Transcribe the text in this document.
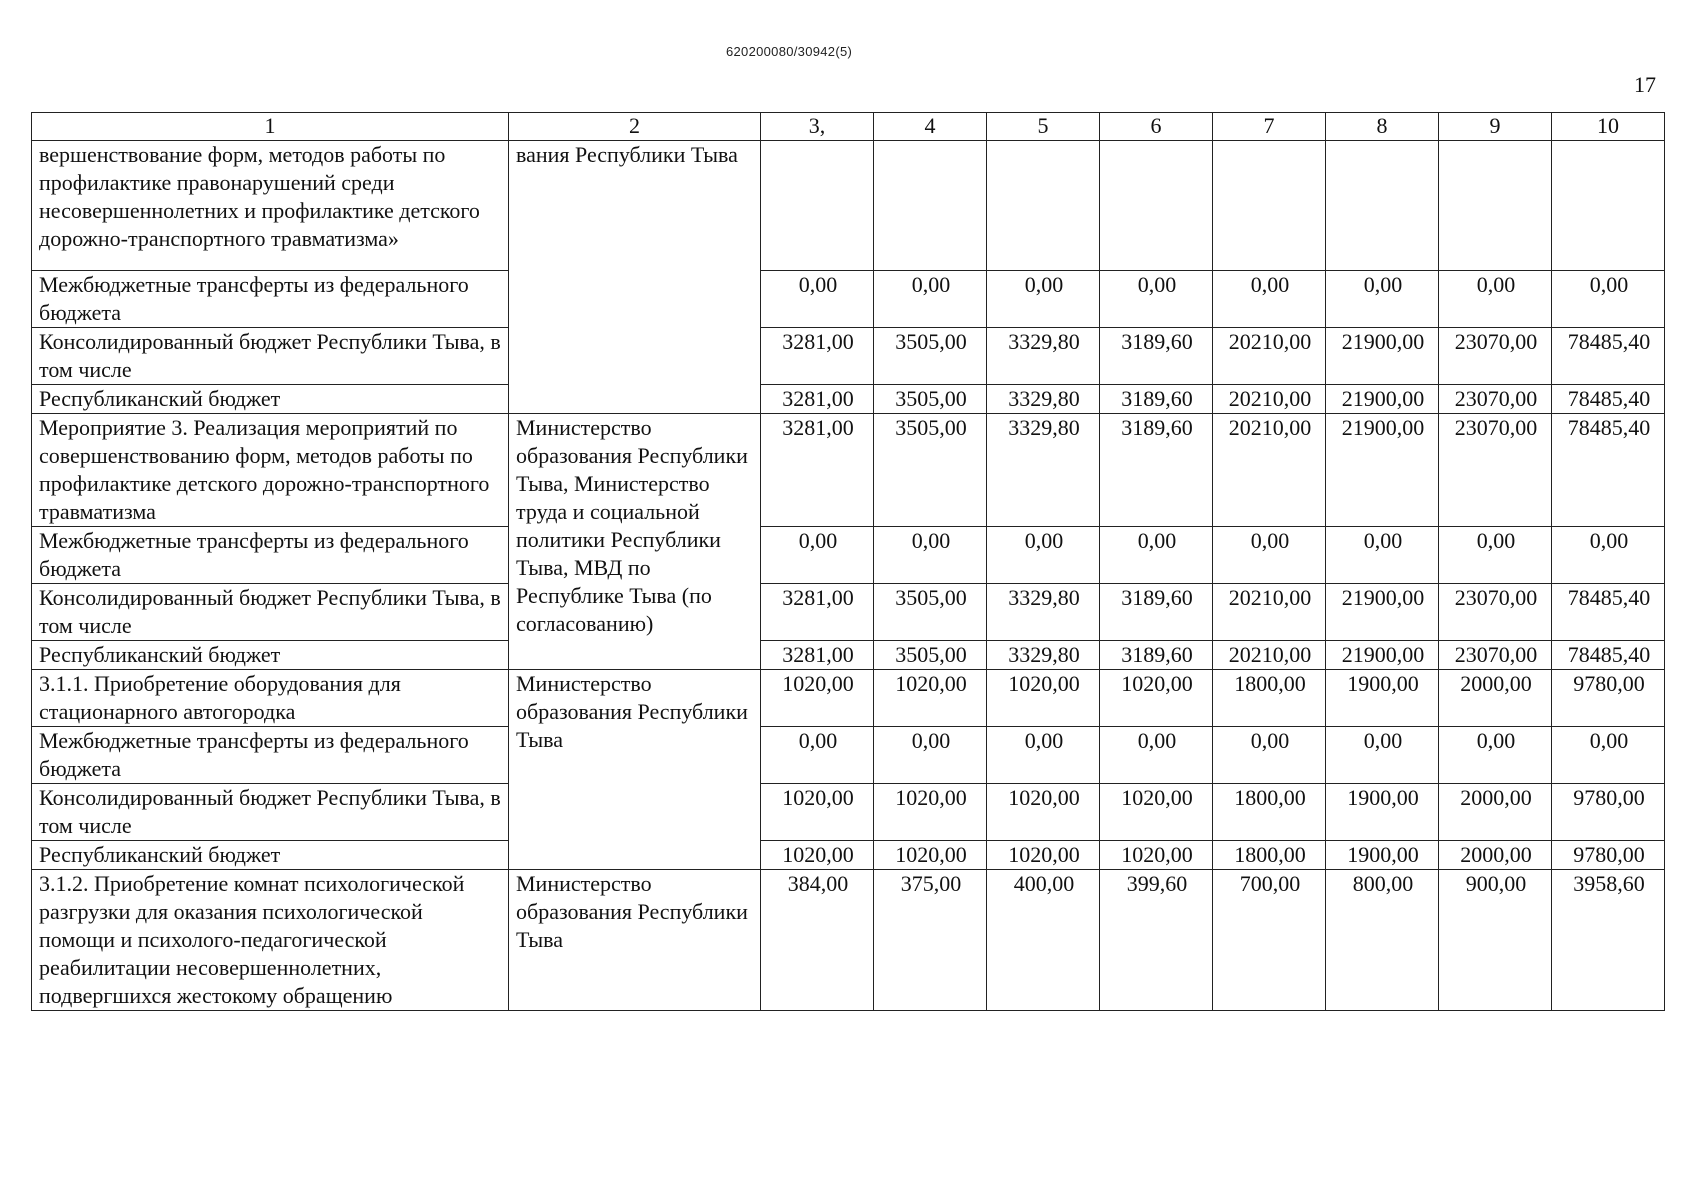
620200080/30942(5)
17
1	2	3,	4	5	6	7	8	9	10
вершенствование форм, методов работы по профилактике правонарушений среди несовершеннолетних и профилактике детского дорожно-транспортного травматизма»	вания Республики Тыва								
Межбюджетные трансферты из федерального бюджета		0,00	0,00	0,00	0,00	0,00	0,00	0,00	0,00
Консолидированный бюджет Республики Тыва, в том числе		3281,00	3505,00	3329,80	3189,60	20210,00	21900,00	23070,00	78485,40
Республиканский бюджет		3281,00	3505,00	3329,80	3189,60	20210,00	21900,00	23070,00	78485,40
Мероприятие 3. Реализация мероприятий по совершенствованию форм, методов работы по профилактике детского дорожно-транспортного травматизма	Министерство образования Республики Тыва, Министерство труда и социальной политики Республики Тыва, МВД по Республике Тыва (по согласованию)	3281,00	3505,00	3329,80	3189,60	20210,00	21900,00	23070,00	78485,40
Межбюджетные трансферты из федерального бюджета		0,00	0,00	0,00	0,00	0,00	0,00	0,00	0,00
Консолидированный бюджет Республики Тыва, в том числе		3281,00	3505,00	3329,80	3189,60	20210,00	21900,00	23070,00	78485,40
Республиканский бюджет		3281,00	3505,00	3329,80	3189,60	20210,00	21900,00	23070,00	78485,40
3.1.1. Приобретение оборудования для стационарного автогородка	Министерство образования Республики Тыва	1020,00	1020,00	1020,00	1020,00	1800,00	1900,00	2000,00	9780,00
Межбюджетные трансферты из федерального бюджета		0,00	0,00	0,00	0,00	0,00	0,00	0,00	0,00
Консолидированный бюджет Республики Тыва, в том числе		1020,00	1020,00	1020,00	1020,00	1800,00	1900,00	2000,00	9780,00
Республиканский бюджет		1020,00	1020,00	1020,00	1020,00	1800,00	1900,00	2000,00	9780,00
3.1.2. Приобретение комнат психологической разгрузки для оказания психологической помощи и психолого-педагогической реабилитации несовершеннолетних, подвергшихся жестокому обращению	Министерство образования Республики Тыва	384,00	375,00	400,00	399,60	700,00	800,00	900,00	3958,60
